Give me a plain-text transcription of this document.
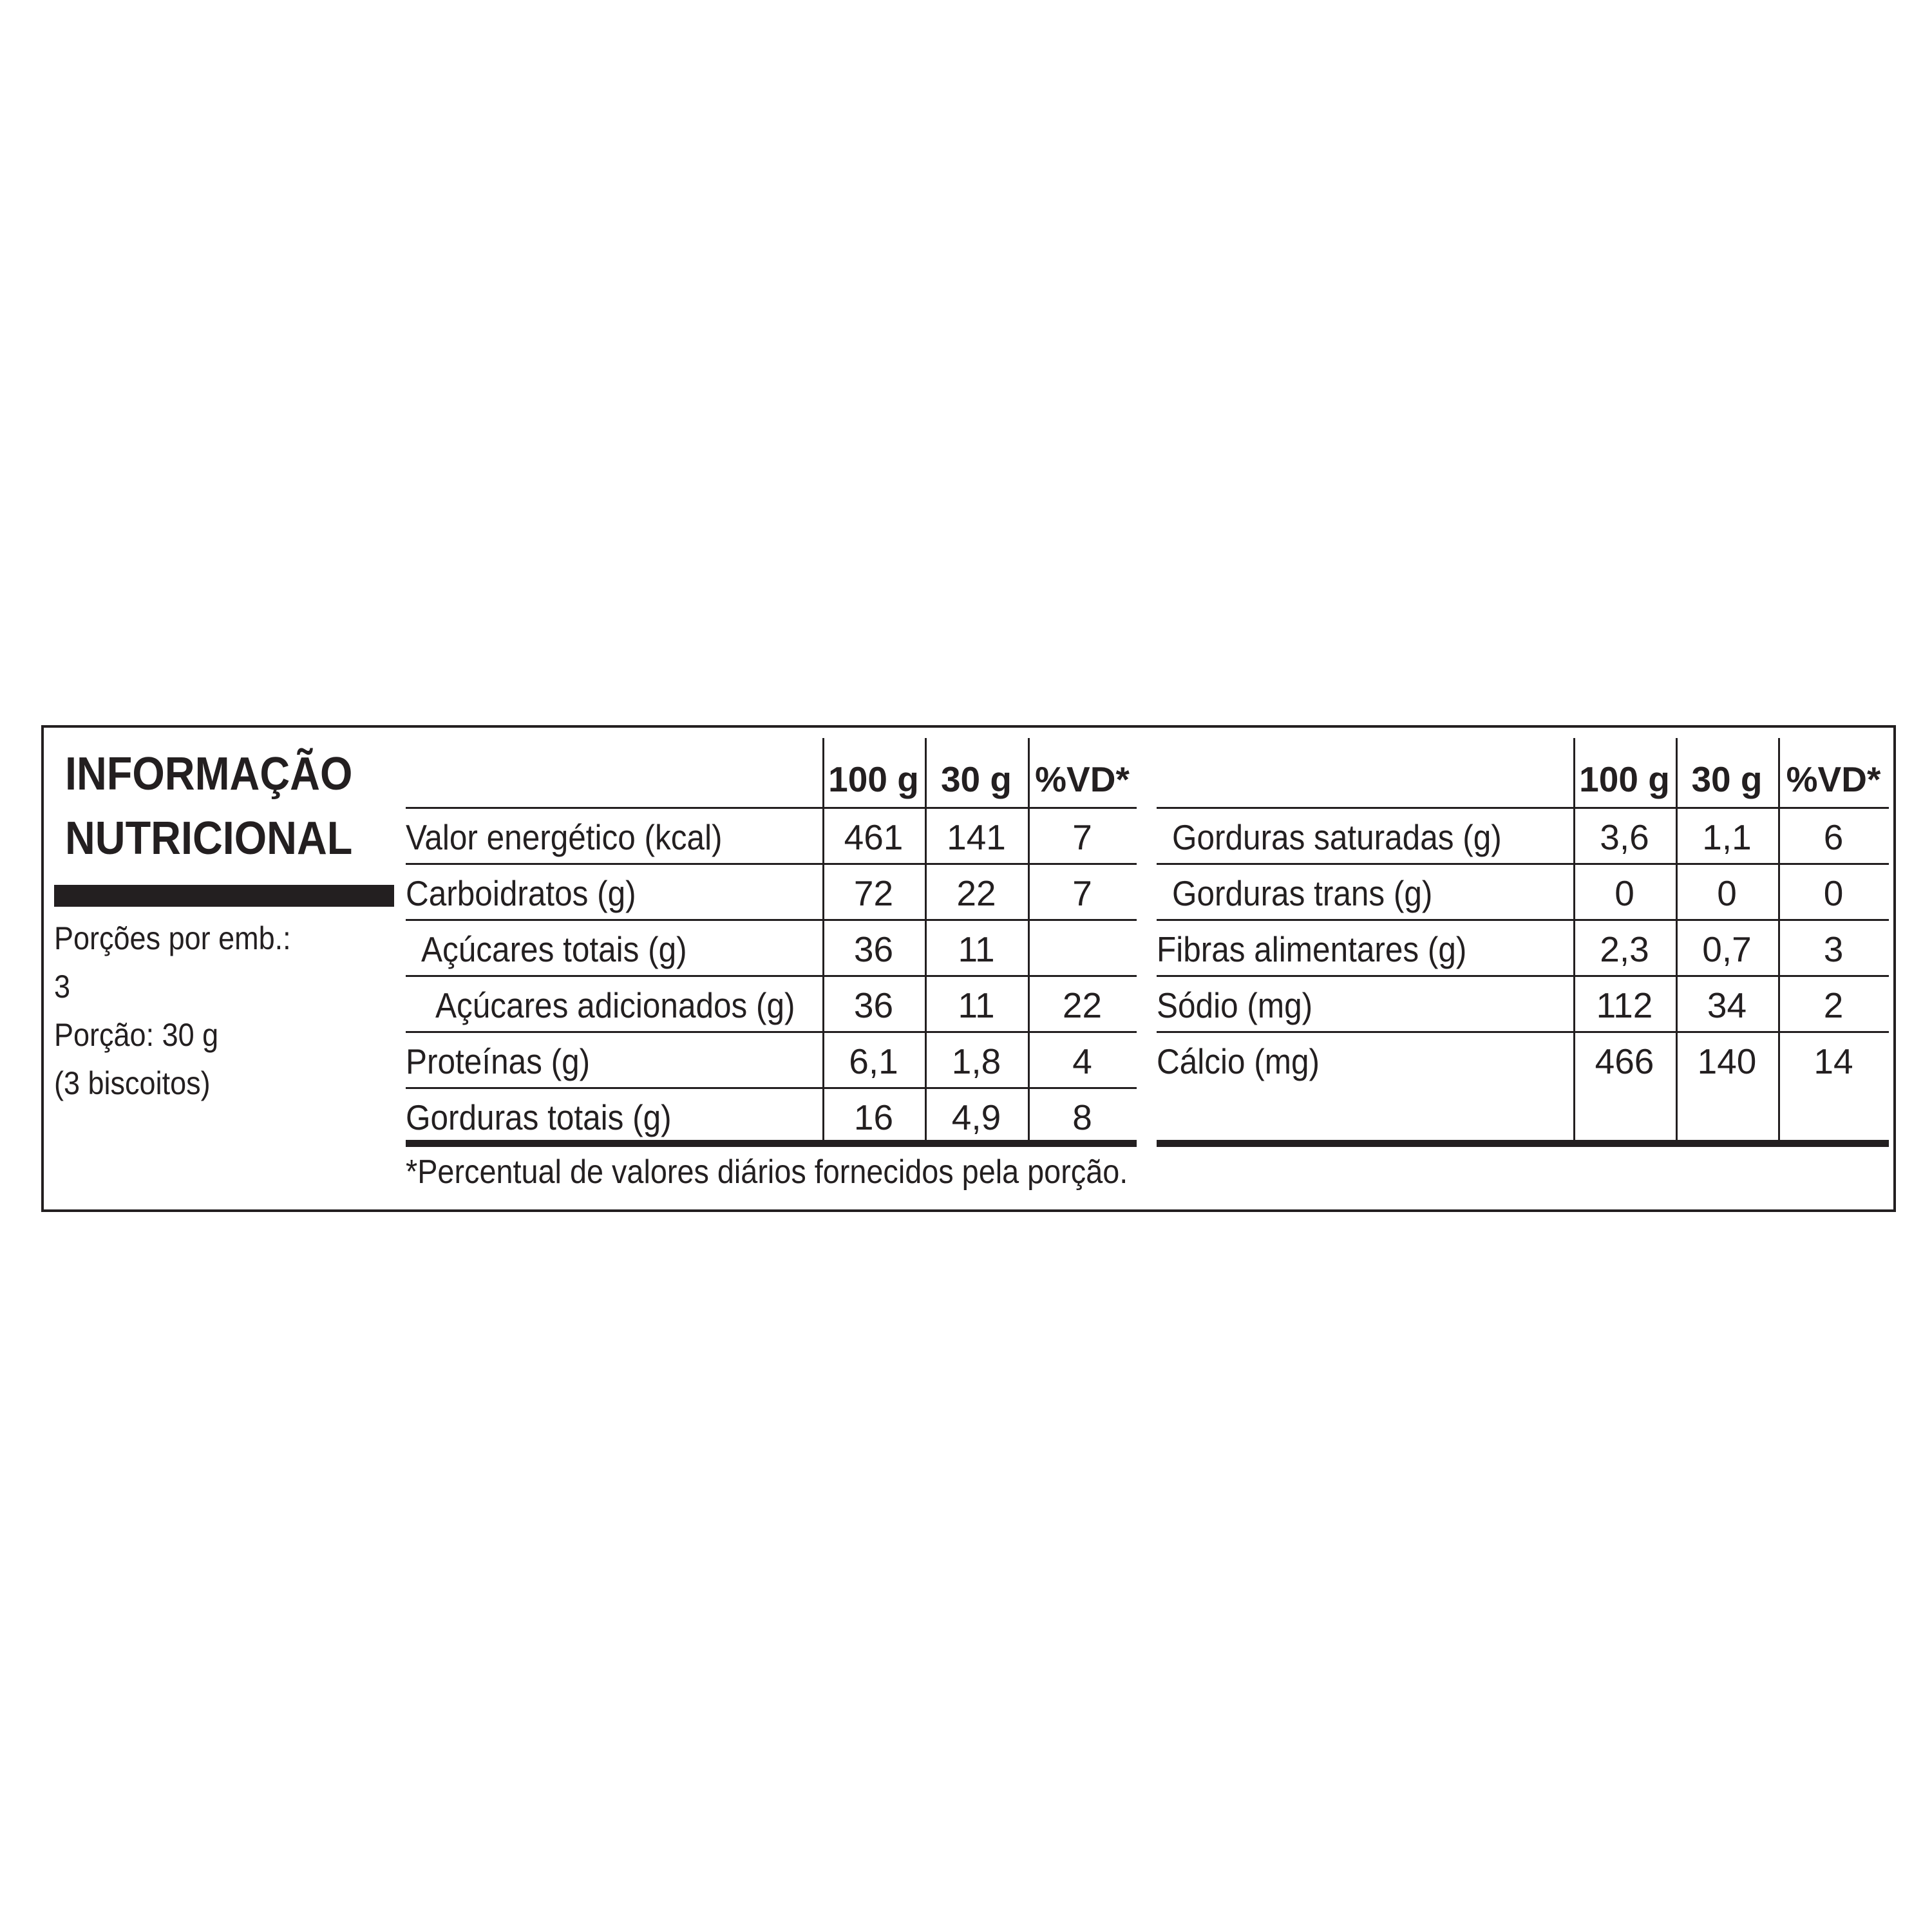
INFORMAÇÃO
NUTRICIONAL
Porções por emb.:
3
Porção: 30 g
(3 biscoitos)
100 g 30 g %VD*
Valor energético (kcal)	461	141	7
Carboidratos (g)	72	22	7
Açúcares totais (g)	36	11
Açúcares adicionados (g)	36	11	22
Proteínas (g)	6,1	1,8	4
Gorduras totais (g)	16	4,9	8
100 g 30 g %VD*
Gorduras saturadas (g)	3,6	1,1	6
Gorduras trans (g)	0	0	0
Fibras alimentares (g)	2,3	0,7	3
Sódio (mg)	112	34	2
Cálcio (mg)	466	140	14
*Percentual de valores diários fornecidos pela porção.
